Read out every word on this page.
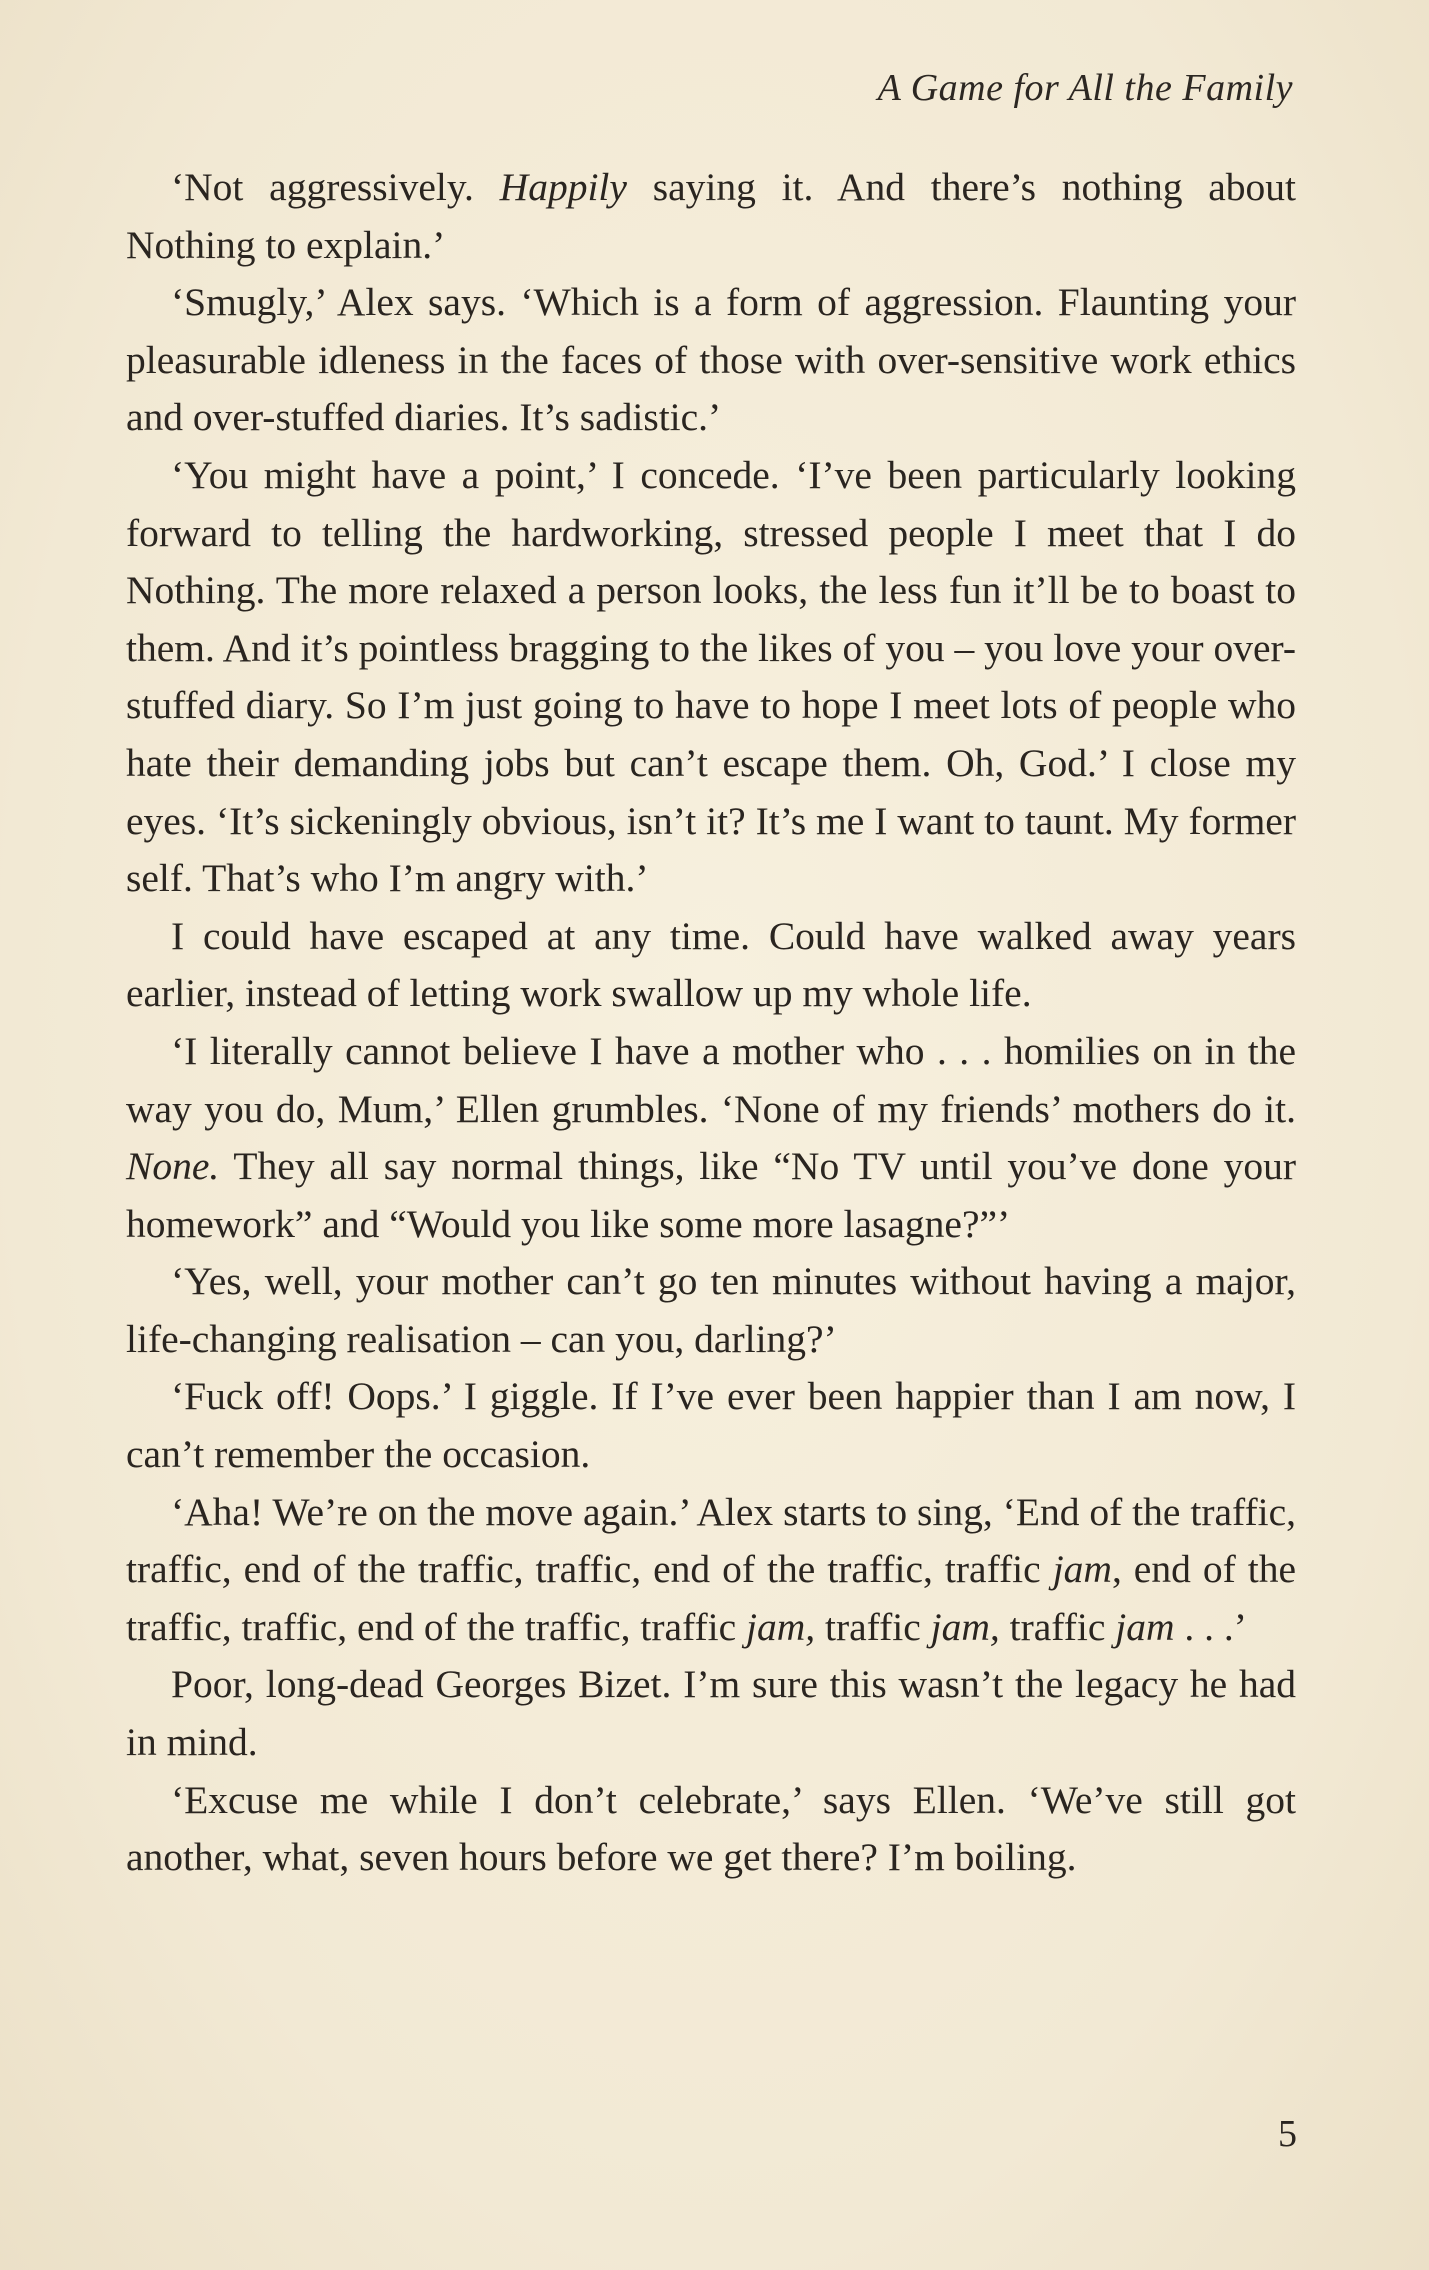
A Game for All the Family

‘Not aggressively. Happily saying it. And there’s nothing about Nothing to explain.’

‘Smugly,’ Alex says. ‘Which is a form of aggression. Flaunting your pleasurable idleness in the faces of those with over-sensitive work ethics and over-stuffed diaries. It’s sadistic.’

‘You might have a point,’ I concede. ‘I’ve been particularly looking forward to telling the hardworking, stressed people I meet that I do Nothing. The more relaxed a person looks, the less fun it’ll be to boast to them. And it’s pointless bragging to the likes of you – you love your over-stuffed diary. So I’m just going to have to hope I meet lots of people who hate their demanding jobs but can’t escape them. Oh, God.’ I close my eyes. ‘It’s sickeningly obvious, isn’t it? It’s me I want to taunt. My former self. That’s who I’m angry with.’

I could have escaped at any time. Could have walked away years earlier, instead of letting work swallow up my whole life.

‘I literally cannot believe I have a mother who . . . homilies on in the way you do, Mum,’ Ellen grumbles. ‘None of my friends’ mothers do it. None. They all say normal things, like “No TV until you’ve done your homework” and “Would you like some more lasagne?”’

‘Yes, well, your mother can’t go ten minutes without having a major, life-changing realisation – can you, darling?’

‘Fuck off! Oops.’ I giggle. If I’ve ever been happier than I am now, I can’t remember the occasion.

‘Aha! We’re on the move again.’ Alex starts to sing, ‘End of the traffic, traffic, end of the traffic, traffic, end of the traffic, traffic jam, end of the traffic, traffic, end of the traffic, traffic jam, traffic jam, traffic jam . . .’

Poor, long-dead Georges Bizet. I’m sure this wasn’t the legacy he had in mind.

‘Excuse me while I don’t celebrate,’ says Ellen. ‘We’ve still got another, what, seven hours before we get there? I’m boiling.

5
